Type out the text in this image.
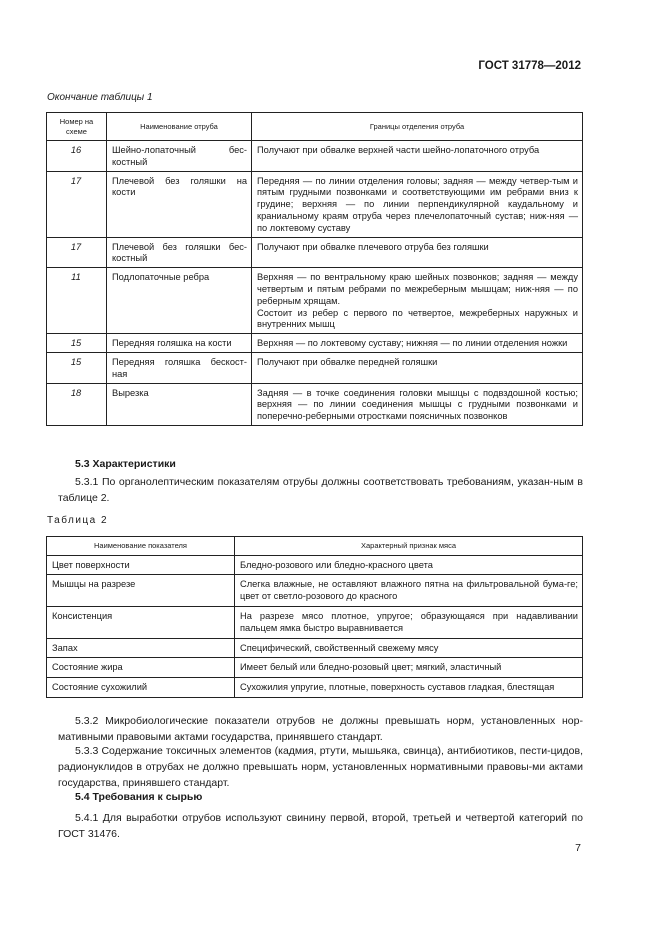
ГОСТ 31778—2012
Окончание таблицы 1
Номер на схеме	Наименование отруба	Границы отделения отруба
16	Шейно-лопаточный бес-костный	Получают при обвалке верхней части шейно-лопаточного отруба
17	Плечевой без голяшки на кости	Передняя — по линии отделения головы; задняя — между четвер-тым и пятым грудными позвонками и соответствующими им ребрами вниз к грудине; верхняя — по линии перпендикулярной каудальному и краниальному краям отруба через плечелопаточный сустав; ниж-няя — по локтевому суставу
17	Плечевой без голяшки бес-костный	Получают при обвалке плечевого отруба без голяшки
11	Подлопаточные ребра	Верхняя — по вентральному краю шейных позвонков; задняя — между четвертым и пятым ребрами по межреберным мышцам; ниж-няя — по реберным хрящам.
Состоит из ребер с первого по четвертое, межреберных наружных и внутренних мышц
15	Передняя голяшка на кости	Верхняя — по локтевому суставу; нижняя — по линии отделения ножки
15	Передняя голяшка бескост-ная	Получают при обвалке передней голяшки
18	Вырезка	Задняя — в точке соединения головки мышцы с подвздошной костью; верхняя — по линии соединения мышцы с грудными позвонками и поперечно-реберными отростками поясничных позвонков
5.3 Характеристики
5.3.1 По органолептическим показателям отрубы должны соответствовать требованиям, указан-ным в таблице 2.
Таблица 2
Наименование показателя	Характерный признак мяса
Цвет поверхности	Бледно-розового или бледно-красного цвета
Мышцы на разрезе	Слегка влажные, не оставляют влажного пятна на фильтровальной бума-ге; цвет от светло-розового до красного
Консистенция	На разрезе мясо плотное, упругое; образующаяся при надавливании пальцем ямка быстро выравнивается
Запах	Специфический, свойственный свежему мясу
Состояние жира	Имеет белый или бледно-розовый цвет; мягкий, эластичный
Состояние сухожилий	Сухожилия упругие, плотные, поверхность суставов гладкая, блестящая
5.3.2 Микробиологические показатели отрубов не должны превышать норм, установленных нор-мативными правовыми актами государства, принявшего стандарт.
5.3.3 Содержание токсичных элементов (кадмия, ртути, мышьяка, свинца), антибиотиков, пести-цидов, радионуклидов в отрубах не должно превышать норм, установленных нормативными правовы-ми актами государства, принявшего стандарт.
5.4 Требования к сырью
5.4.1 Для выработки отрубов используют свинину первой, второй, третьей и четвертой категорий по ГОСТ 31476.
7
